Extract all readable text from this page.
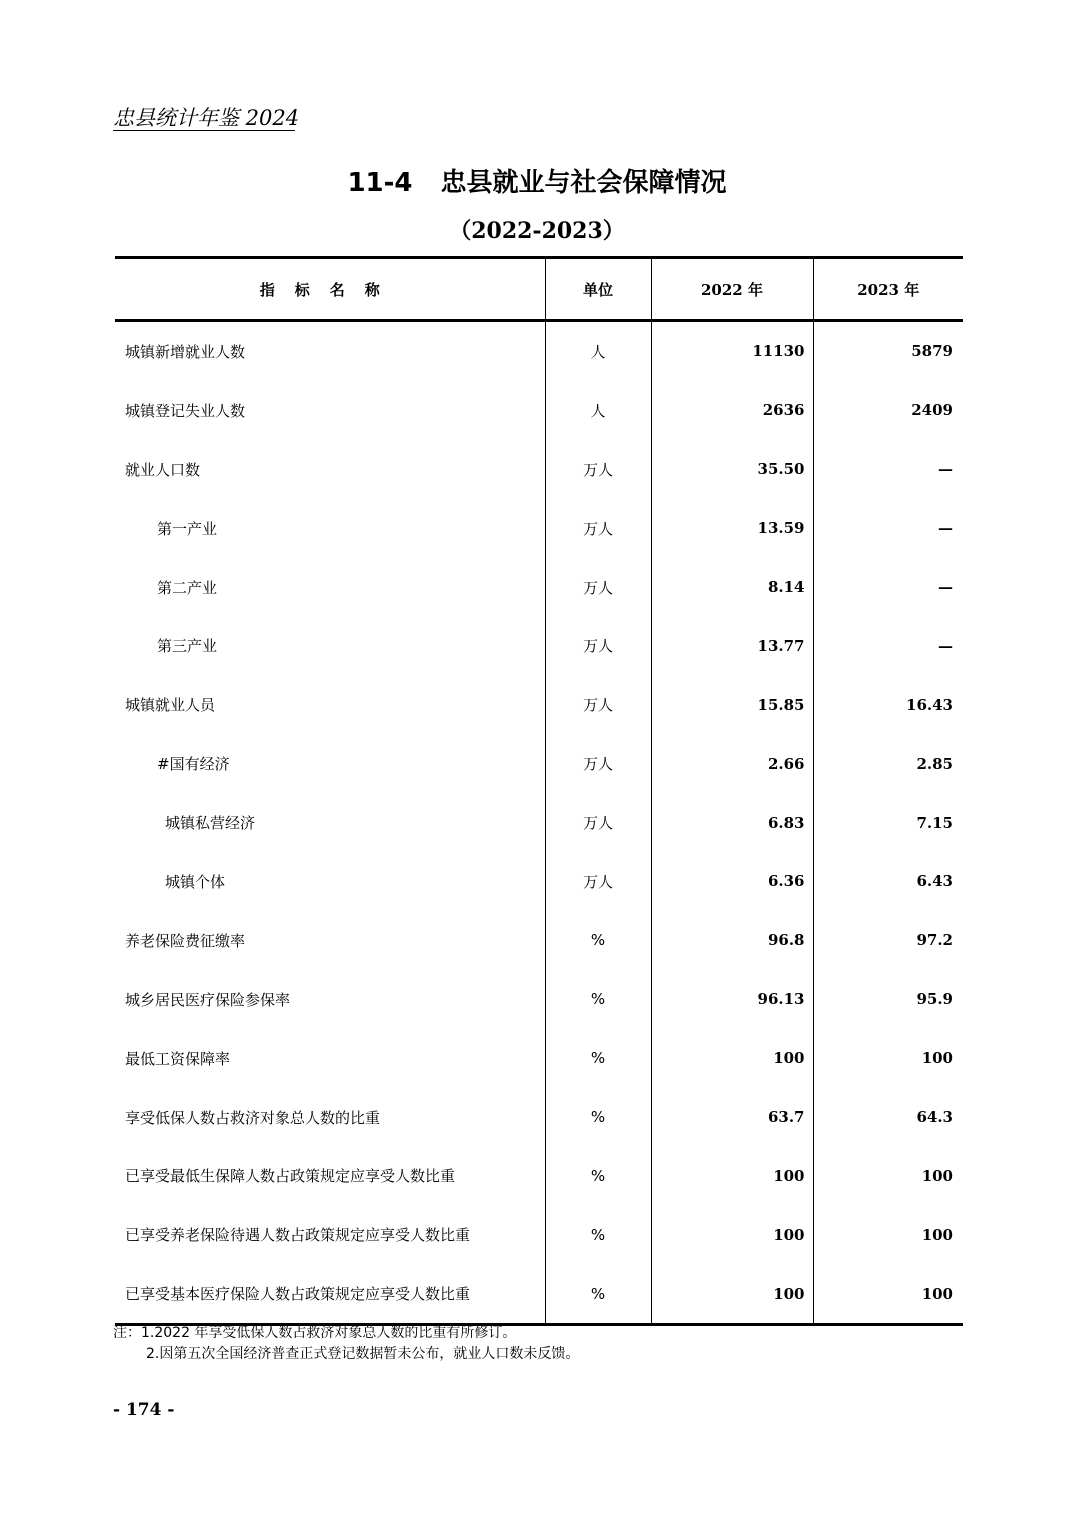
忠县统计年鉴 2024
11-4 忠县就业与社会保障情况
（2022-2023）
指标名称	单位	2022 年	2023 年
城镇新增就业人数	人	11130	5879
城镇登记失业人数	人	2636	2409
就业人口数	万人	35.50	—
第一产业	万人	13.59	—
第二产业	万人	8.14	—
第三产业	万人	13.77	—
城镇就业人员	万人	15.85	16.43
#国有经济	万人	2.66	2.85
城镇私营经济	万人	6.83	7.15
城镇个体	万人	6.36	6.43
养老保险费征缴率	%	96.8	97.2
城乡居民医疗保险参保率	%	96.13	95.9
最低工资保障率	%	100	100
享受低保人数占救济对象总人数的比重	%	63.7	64.3
已享受最低生保障人数占政策规定应享受人数比重	%	100	100
已享受养老保险待遇人数占政策规定应享受人数比重	%	100	100
已享受基本医疗保险人数占政策规定应享受人数比重	%	100	100
注：1.2022 年享受低保人数占救济对象总人数的比重有所修订。
2.因第五次全国经济普查正式登记数据暂未公布，就业人口数未反馈。
- 174 -
